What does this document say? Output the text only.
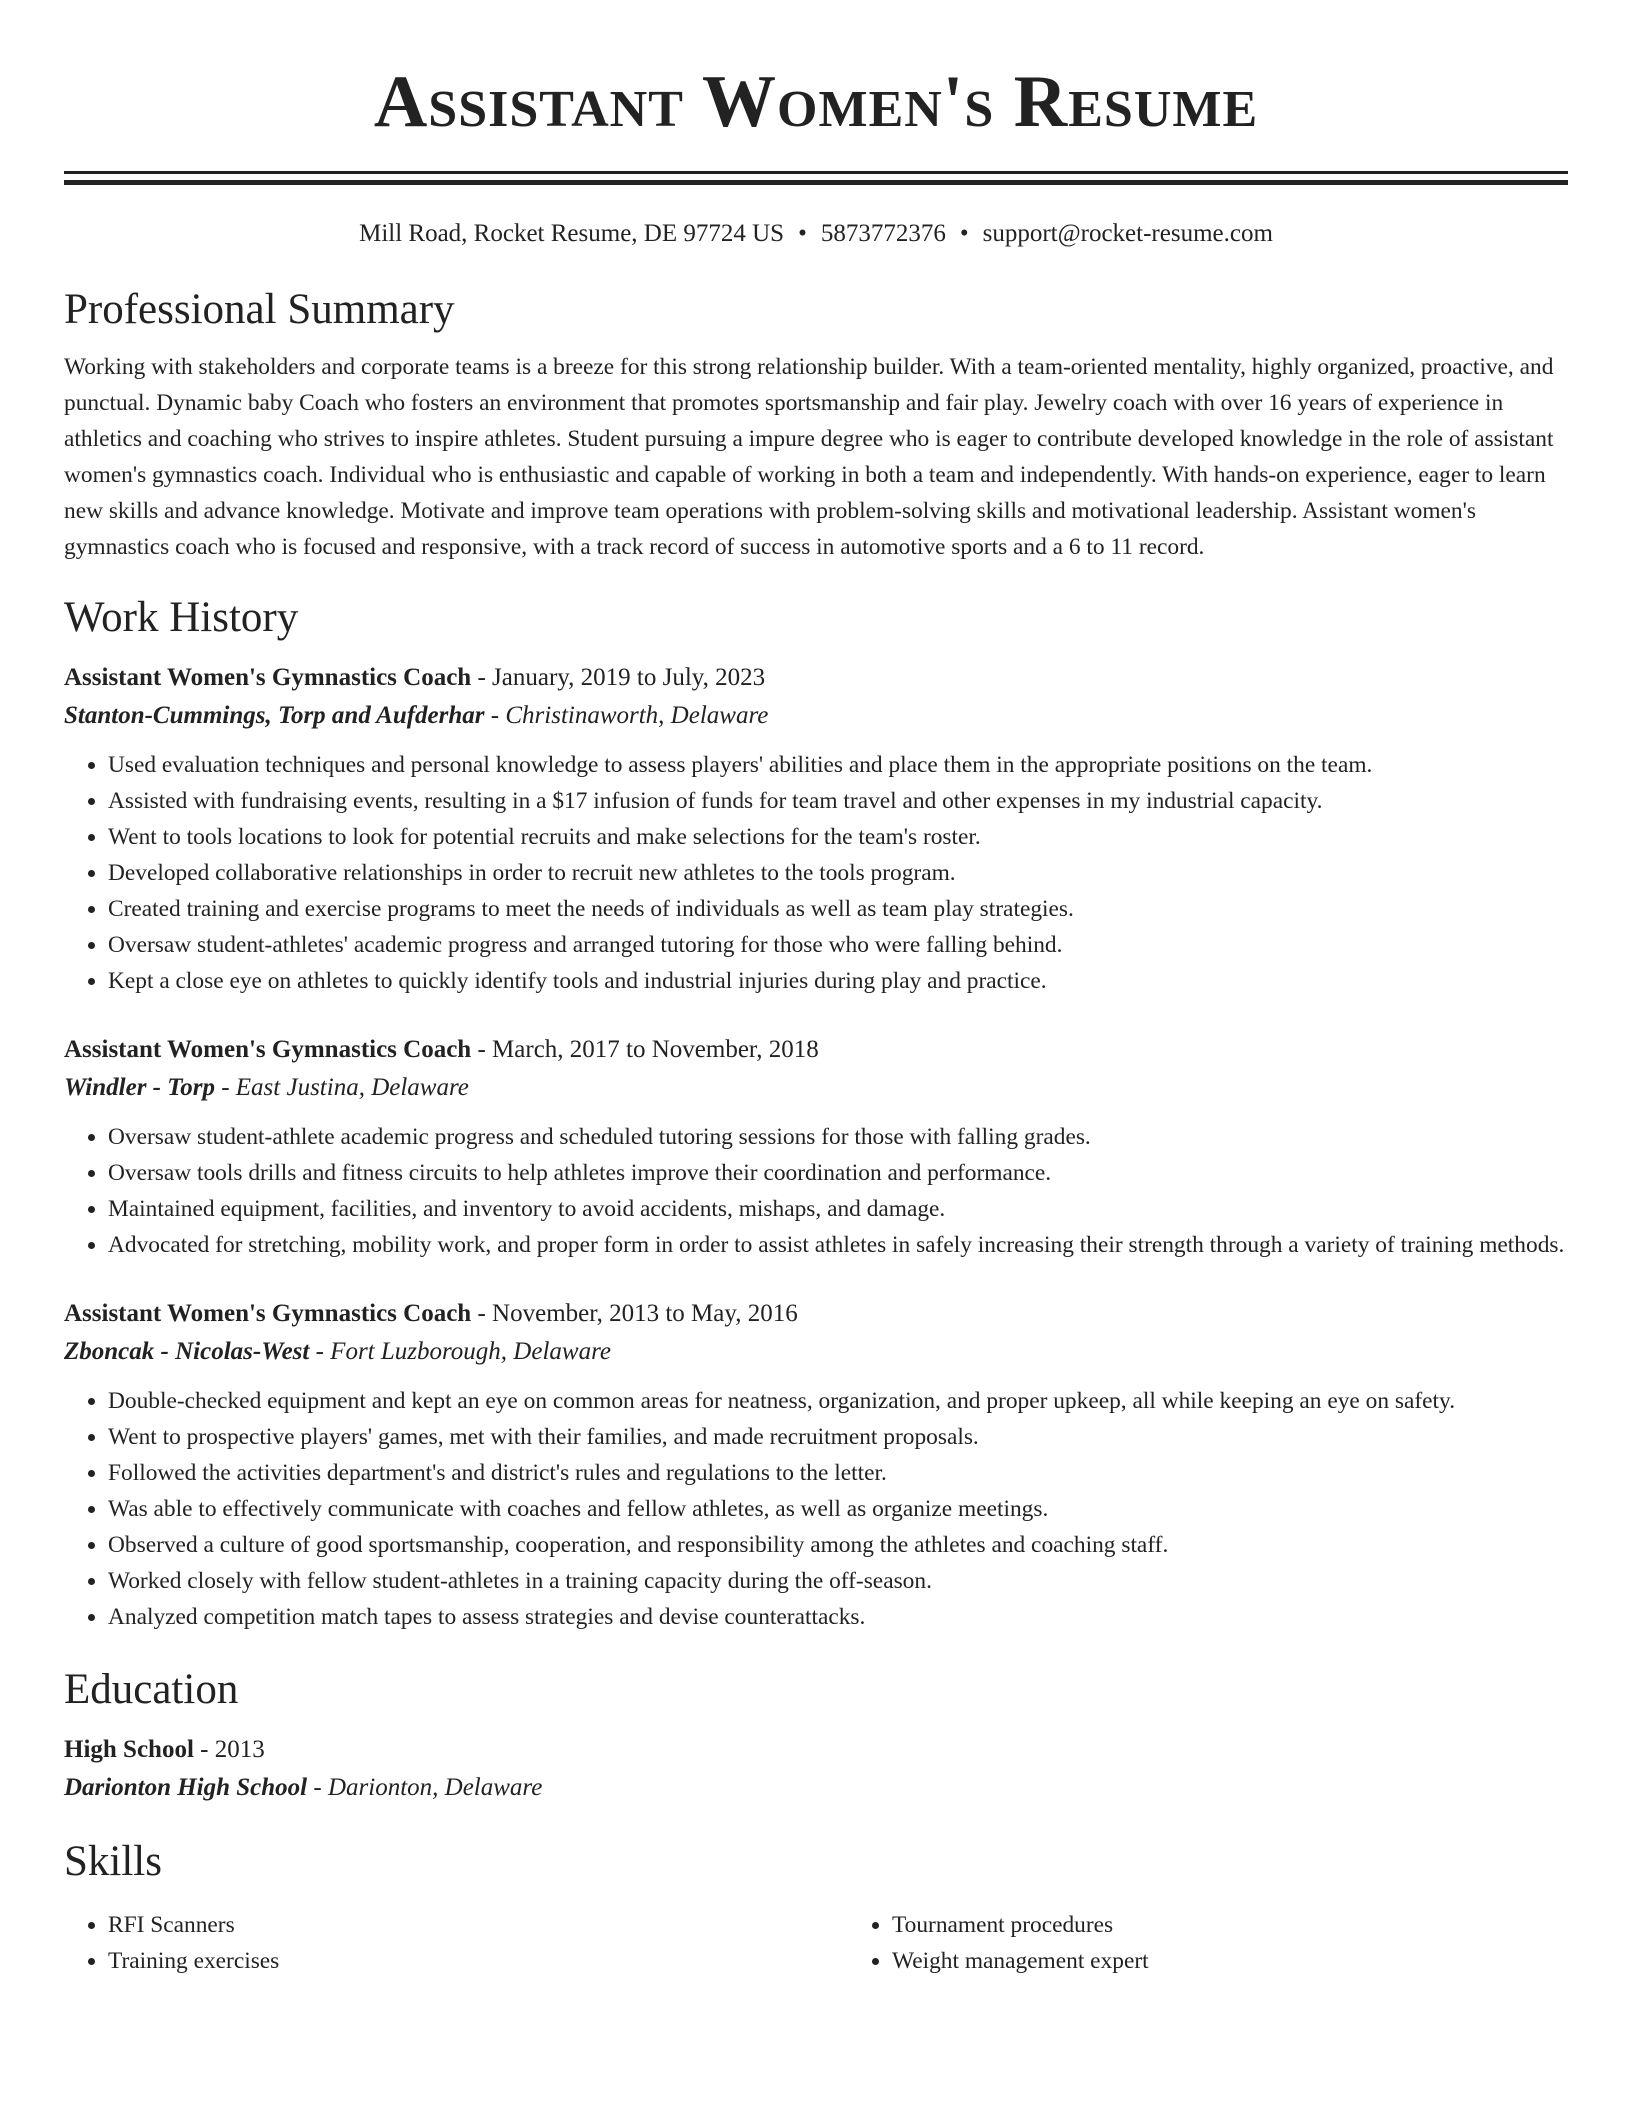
Assistant Women's Resume
Mill Road, Rocket Resume, DE 97724 US • 5873772376 • support@rocket-resume.com
Professional Summary

Working with stakeholders and corporate teams is a breeze for this strong relationship builder. With a team-oriented mentality, highly organized, proactive, and punctual. Dynamic baby Coach who fosters an environment that promotes sportsmanship and fair play. Jewelry coach with over 16 years of experience in athletics and coaching who strives to inspire athletes. Student pursuing a impure degree who is eager to contribute developed knowledge in the role of assistant women's gymnastics coach. Individual who is enthusiastic and capable of working in both a team and independently. With hands-on experience, eager to learn new skills and advance knowledge. Motivate and improve team operations with problem-solving skills and motivational leadership. Assistant women's gymnastics coach who is focused and responsive, with a track record of success in automotive sports and a 6 to 11 record.

Work History
Assistant Women's Gymnastics Coach - January, 2019 to July, 2023
Stanton-Cummings, Torp and Aufderhar - Christinaworth, Delaware
• Used evaluation techniques and personal knowledge to assess players' abilities and place them in the appropriate positions on the team.
• Assisted with fundraising events, resulting in a $17 infusion of funds for team travel and other expenses in my industrial capacity.
• Went to tools locations to look for potential recruits and make selections for the team's roster.
• Developed collaborative relationships in order to recruit new athletes to the tools program.
• Created training and exercise programs to meet the needs of individuals as well as team play strategies.
• Oversaw student-athletes' academic progress and arranged tutoring for those who were falling behind.
• Kept a close eye on athletes to quickly identify tools and industrial injuries during play and practice.
Assistant Women's Gymnastics Coach - March, 2017 to November, 2018
Windler - Torp - East Justina, Delaware
• Oversaw student-athlete academic progress and scheduled tutoring sessions for those with falling grades.
• Oversaw tools drills and fitness circuits to help athletes improve their coordination and performance.
• Maintained equipment, facilities, and inventory to avoid accidents, mishaps, and damage.
• Advocated for stretching, mobility work, and proper form in order to assist athletes in safely increasing their strength through a variety of training methods.
Assistant Women's Gymnastics Coach - November, 2013 to May, 2016
Zboncak - Nicolas-West - Fort Luzborough, Delaware
• Double-checked equipment and kept an eye on common areas for neatness, organization, and proper upkeep, all while keeping an eye on safety.
• Went to prospective players' games, met with their families, and made recruitment proposals.
• Followed the activities department's and district's rules and regulations to the letter.
• Was able to effectively communicate with coaches and fellow athletes, as well as organize meetings.
• Observed a culture of good sportsmanship, cooperation, and responsibility among the athletes and coaching staff.
• Worked closely with fellow student-athletes in a training capacity during the off-season.
• Analyzed competition match tapes to assess strategies and devise counterattacks.
Education
High School - 2013
Darionton High School - Darionton, Delaware
Skills
• RFI Scanners
• Training exercises
• Tournament procedures
• Weight management expert
